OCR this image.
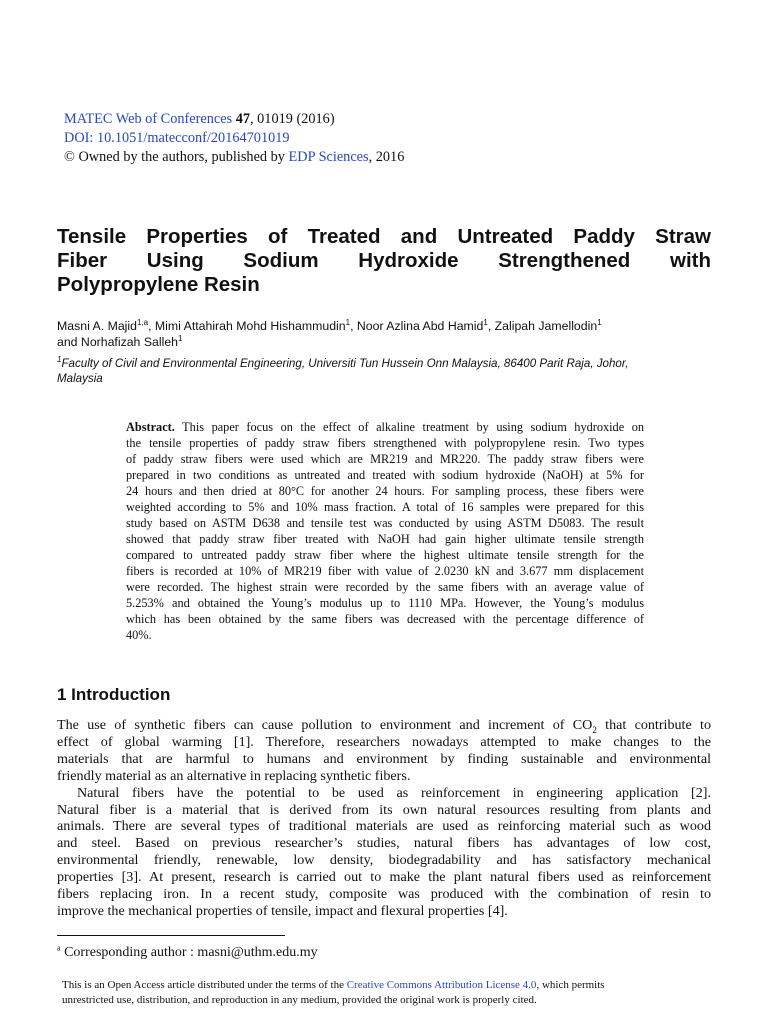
MATEC Web of Conferences 47, 01019 (2016)
DOI: 10.1051/matecconf/20164701019
© Owned by the authors, published by EDP Sciences, 2016
Tensile Properties of Treated and Untreated Paddy Straw
Fiber Using Sodium Hydroxide Strengthened with
Polypropylene Resin
Masni A. Majid$^{1,a}$, Mimi Attahirah Mohd Hishammudin$^1$, Noor Azlina Abd Hamid$^1$, Zalipah Jamellodin$^1$
and Norhafizah Salleh$^1$
$^1$Faculty of Civil and Environmental Engineering, Universiti Tun Hussein Onn Malaysia, 86400 Parit Raja, Johor,
Malaysia
Abstract. This paper focus on the effect of alkaline treatment by using sodium hydroxide on
the tensile properties of paddy straw fibers strengthened with polypropylene resin. Two types
of paddy straw fibers were used which are MR219 and MR220. The paddy straw fibers were
prepared in two conditions as untreated and treated with sodium hydroxide (NaOH) at 5% for
24 hours and then dried at 80°C for another 24 hours. For sampling process, these fibers were
weighted according to 5% and 10% mass fraction. A total of 16 samples were prepared for this
study based on ASTM D638 and tensile test was conducted by using ASTM D5083. The result
showed that paddy straw fiber treated with NaOH had gain higher ultimate tensile strength
compared to untreated paddy straw fiber where the highest ultimate tensile strength for the
fibers is recorded at 10% of MR219 fiber with value of 2.0230 kN and 3.677 mm displacement
were recorded. The highest strain were recorded by the same fibers with an average value of
5.253% and obtained the Young’s modulus up to 1110 MPa. However, the Young’s modulus
which has been obtained by the same fibers was decreased with the percentage difference of
40%.
1 Introduction
The use of synthetic fibers can cause pollution to environment and increment of $CO_2$ that contribute to
effect of global warming [1]. Therefore, researchers nowadays attempted to make changes to the
materials that are harmful to humans and environment by finding sustainable and environmental
friendly material as an alternative in replacing synthetic fibers.
Natural fibers have the potential to be used as reinforcement in engineering application [2].
Natural fiber is a material that is derived from its own natural resources resulting from plants and
animals. There are several types of traditional materials are used as reinforcing material such as wood
and steel. Based on previous researcher’s studies, natural fibers has advantages of low cost,
environmental friendly, renewable, low density, biodegradability and has satisfactory mechanical
properties [3]. At present, research is carried out to make the plant natural fibers used as reinforcement
fibers replacing iron. In a recent study, composite was produced with the combination of resin to
improve the mechanical properties of tensile, impact and flexural properties [4].
$^a$ Corresponding author : masni@uthm.edu.my
This is an Open Access article distributed under the terms of the Creative Commons Attribution License 4.0, which permits
unrestricted use, distribution, and reproduction in any medium, provided the original work is properly cited.
